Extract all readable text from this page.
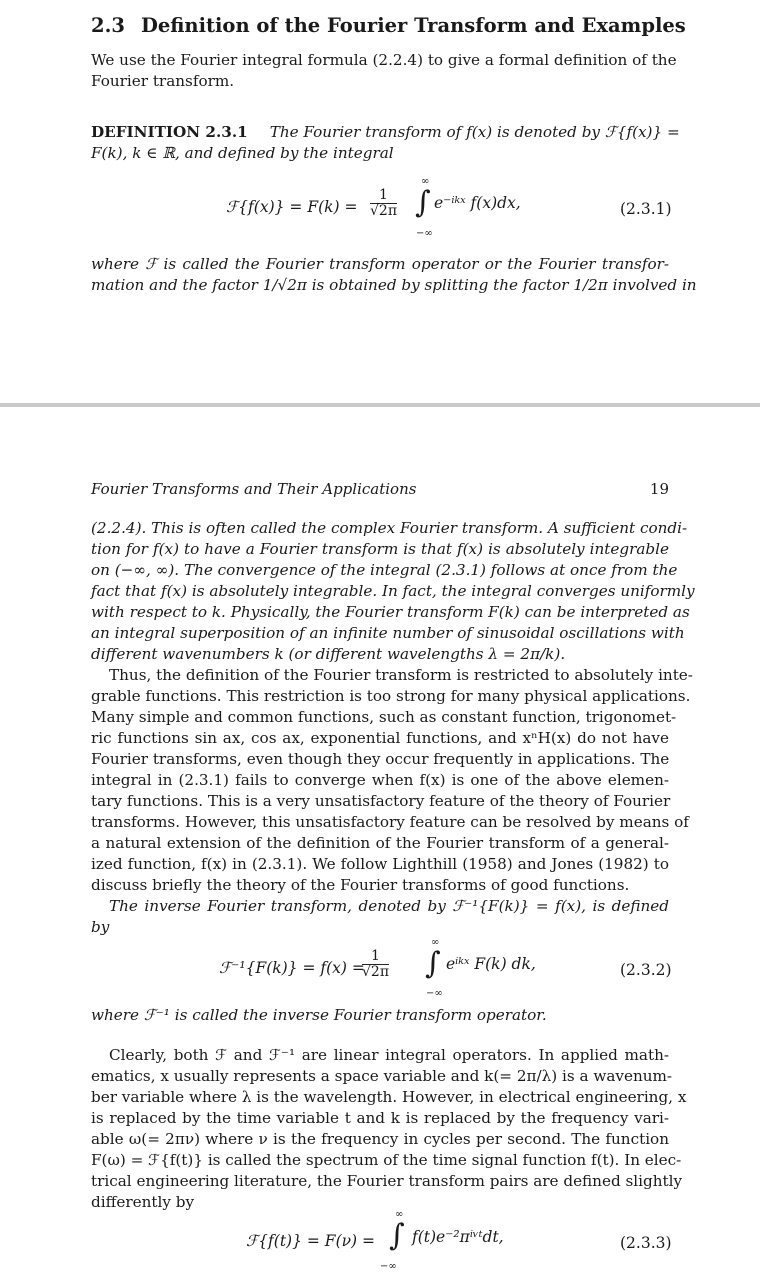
2.3 Definition of the Fourier Transform and Examples
We use the Fourier integral formula (2.2.4) to give a formal definition of the
Fourier transform.
DEFINITION 2.3.1 The Fourier transform of f(x) is denoted by ℱ{f(x)} =
F(k), k ∈ ℝ, and defined by the integral
ℱ{f(x)} = $F(k) = \frac{1}{√2\pi}$
∞
∫
−∞
e⁻ⁱᵏˣ f(x)dx,	(2.3.1)
where ℱ is called the Fourier transform operator or the Fourier transfor-
mation and the factor 1/√2π is obtained by splitting the factor 1/2π involved in
Fourier Transforms and Their Applications	19
(2.2.4). This is often called the complex Fourier transform. A sufficient condi-
tion for f(x) to have a Fourier transform is that f(x) is absolutely integrable
on (−∞, ∞). The convergence of the integral (2.3.1) follows at once from the
fact that f(x) is absolutely integrable. In fact, the integral converges uniformly
with respect to k. Physically, the Fourier transform F(k) can be interpreted as
an integral superposition of an infinite number of sinusoidal oscillations with
different wavenumbers k (or different wavelengths λ = 2π/k).
Thus, the definition of the Fourier transform is restricted to absolutely inte-
grable functions. This restriction is too strong for many physical applications.
Many simple and common functions, such as constant function, trigonomet-
ric functions sin ax, cos ax, exponential functions, and xⁿH(x) do not have
Fourier transforms, even though they occur frequently in applications. The
integral in (2.3.1) fails to converge when f(x) is one of the above elemen-
tary functions. This is a very unsatisfactory feature of the theory of Fourier
transforms. However, this unsatisfactory feature can be resolved by means of
a natural extension of the definition of the Fourier transform of a general-
ized function, f(x) in (2.3.1). We follow Lighthill (1958) and Jones (1982) to
discuss briefly the theory of the Fourier transforms of good functions.
The inverse Fourier transform, denoted by ℱ⁻¹{F(k)} = f(x), is defined
by
ℱ⁻¹{F(k)} = f(x) =
$\frac{1}{√2\pi}$
∞
∫
−∞
eⁱᵏˣ F(k) dk,	(2.3.2)
where ℱ⁻¹ is called the inverse Fourier transform operator.
Clearly, both ℱ and ℱ⁻¹ are linear integral operators. In applied math-
ematics, x usually represents a space variable and k(= 2π/λ) is a wavenum-
ber variable where λ is the wavelength. However, in electrical engineering, x
is replaced by the time variable t and k is replaced by the frequency vari-
able ω(= 2πν) where ν is the frequency in cycles per second. The function
F(ω) = ℱ{f(t)} is called the spectrum of the time signal function f(t). In elec-
trical engineering literature, the Fourier transform pairs are defined slightly
differently by
ℱ{f(t)} = F(ν) =
∞
∫
−∞
f(t)e⁻²πⁱᵛᵗdt,	(2.3.3)
